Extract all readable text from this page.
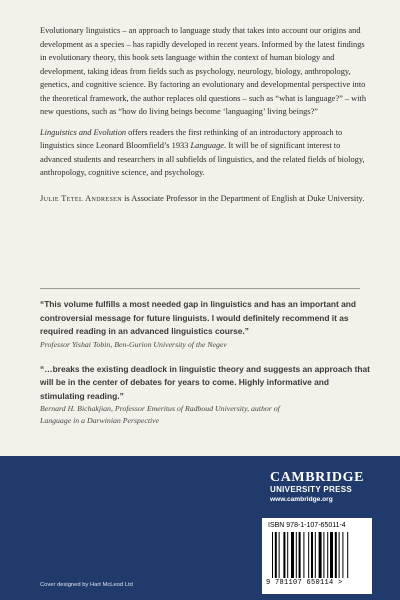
Evolutionary linguistics – an approach to language study that takes into account our origins and development as a species – has rapidly developed in recent years. Informed by the latest findings in evolutionary theory, this book sets language within the context of human biology and development, taking ideas from fields such as psychology, neurology, biology, anthropology, genetics, and cognitive science. By factoring an evolutionary and developmental perspective into the theoretical framework, the author replaces old questions – such as “what is language?” – with new questions, such as “how do living beings become ‘languaging’ living beings?”

Linguistics and Evolution offers readers the first rethinking of an introductory approach to linguistics since Leonard Bloomfield’s 1933 Language. It will be of significant interest to advanced students and researchers in all subfields of linguistics, and the related fields of biology, anthropology, cognitive science, and psychology.

Julie Tetel Andresen is Associate Professor in the Department of English at Duke University.

“This volume fulfills a most needed gap in linguistics and has an important and controversial message for future linguists. I would definitely recommend it as required reading in an advanced linguistics course.”
Professor Yishai Tobin, Ben-Gurion University of the Negev
“…breaks the existing deadlock in linguistic theory and suggests an approach that will be in the center of debates for years to come. Highly informative and stimulating reading.”
Bernard H. Bichakjian, Professor Emeritus of Radboud University, author of
Language in a Darwinian Perspective
CAMBRIDGE
UNIVERSITY PRESS
www.cambridge.org
ISBN 978-1-107-65011-4
9 781107 650114 >
Cover designed by Hart McLeod Ltd
